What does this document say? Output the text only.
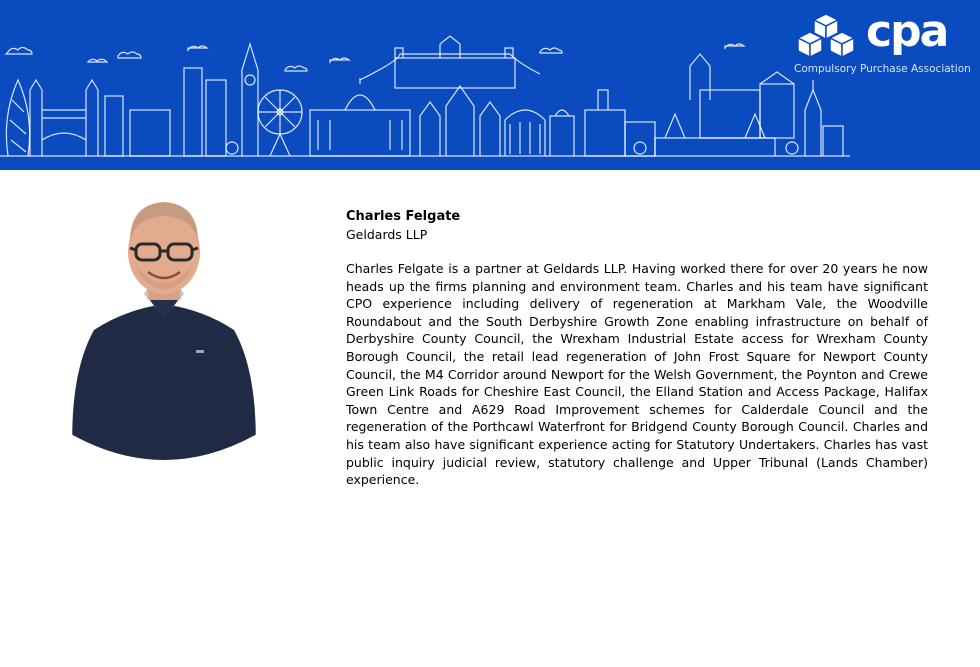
cpa
Compulsory Purchase Association
Charles Felgate
Geldards LLP
Charles Felgate is a partner at Geldards LLP. Having worked there for over 20 years he now heads up the firms planning and environment team. Charles and his team have significant CPO experience including delivery of regeneration at Markham Vale, the Woodville Roundabout and the South Derbyshire Growth Zone enabling infrastructure on behalf of Derbyshire County Council, the Wrexham Industrial Estate access for Wrexham County Borough Council, the retail lead regeneration of John Frost Square for Newport County Council, the M4 Corridor around Newport for the Welsh Government, the Poynton and Crewe Green Link Roads for Cheshire East Council, the Elland Station and Access Package, Halifax Town Centre and A629 Road Improvement schemes for Calderdale Council and the regeneration of the Porthcawl Waterfront for Bridgend County Borough Council. Charles and his team also have significant experience acting for Statutory Undertakers. Charles has vast public inquiry judicial review, statutory challenge and Upper Tribunal (Lands Chamber) experience.
